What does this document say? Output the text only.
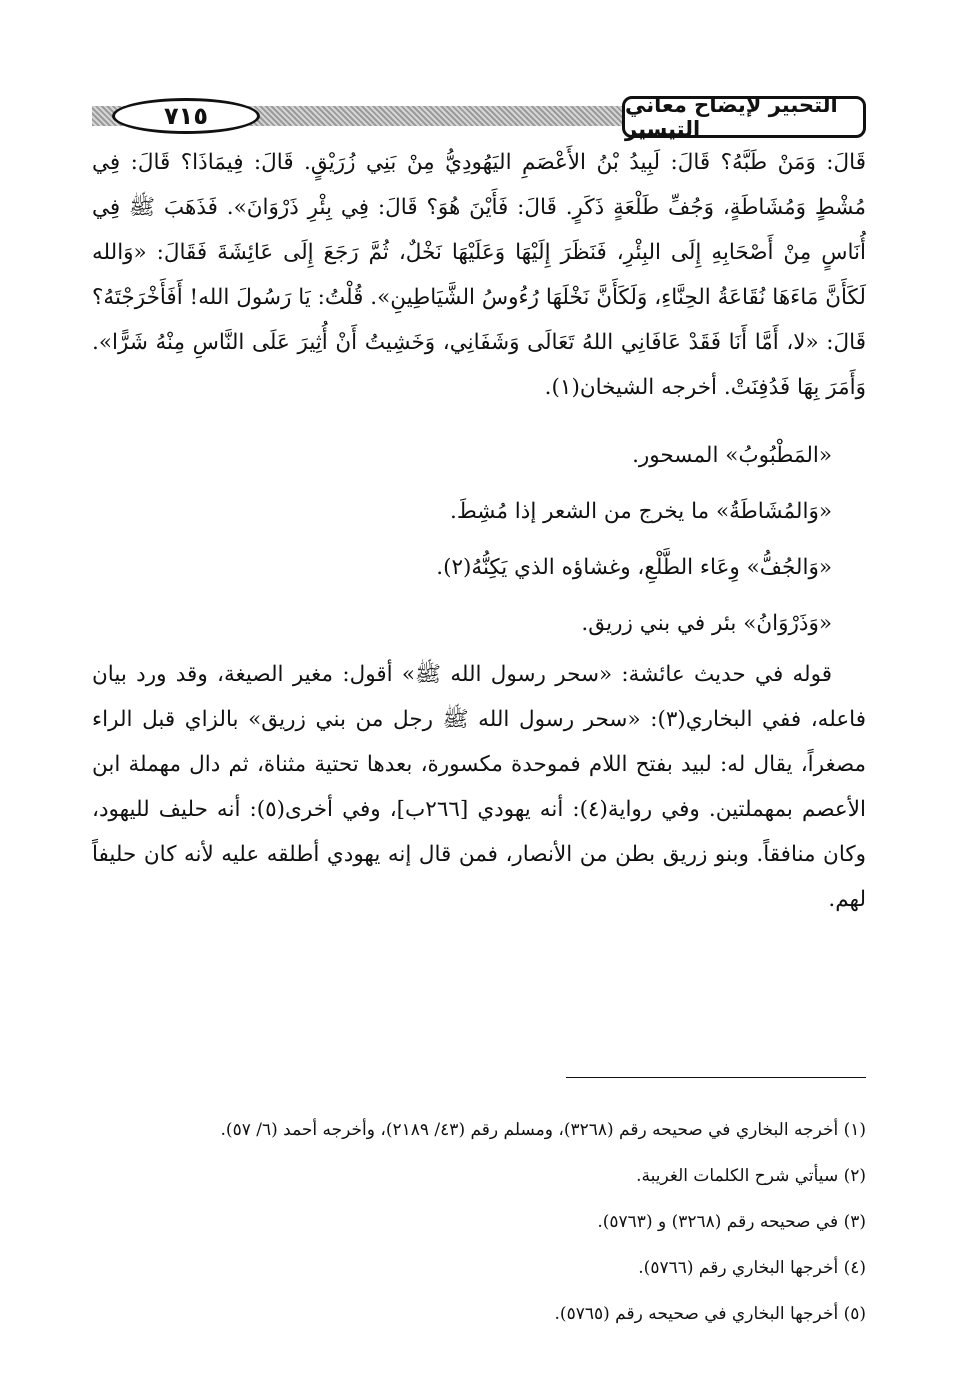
٧١٥	التحبير لإيضاح معاني التيسير

قَالَ: وَمَنْ طَبَّهُ؟ قَالَ: لَبِيدُ بْنُ الأَعْصَمِ اليَهُودِيُّ مِنْ بَنِي زُرَيْقٍ. قَالَ: فِيمَاذَا؟ قَالَ: فِي مُشْطٍ وَمُشَاطَةٍ، وَجُفِّ طَلْعَةٍ ذَكَرٍ. قَالَ: فَأَيْنَ هُوَ؟ قَالَ: فِي بِئْرِ ذَرْوَانَ». فَذَهَبَ ﷺ فِي أُنَاسٍ مِنْ أَصْحَابِهِ إِلَى البِئْرِ، فَنَظَرَ إِلَيْهَا وَعَلَيْهَا نَخْلٌ، ثُمَّ رَجَعَ إِلَى عَائِشَةَ فَقَالَ: «وَالله لَكَأَنَّ مَاءَهَا نُقَاعَةُ الحِنَّاءِ، وَلَكَأَنَّ نَخْلَهَا رُءُوسُ الشَّيَاطِينِ». قُلْتُ: يَا رَسُولَ الله! أَفَأَخْرَجْتَهُ؟ قَالَ: «لا، أَمَّا أَنَا فَقَدْ عَافَانِي اللهُ تَعَالَى وَشَفَانِي، وَخَشِيتُ أَنْ أُثِيرَ عَلَى النَّاسِ مِنْهُ شَرًّا». وَأَمَرَ بِهَا فَدُفِنَتْ. أخرجه الشيخان(١).

«المَطْبُوبُ» المسحور.

«وَالمُشَاطَةُ» ما يخرج من الشعر إذا مُشِطَ.

«وَالجُفُّ» وِعَاء الطَّلْعِ، وغشاؤه الذي يَكِنُّهُ(٢).

«وَذَرْوَانُ» بئر في بني زريق.

قوله في حديث عائشة: «سحر رسول الله ﷺ» أقول: مغير الصيغة، وقد ورد بيان فاعله، ففي البخاري(٣): «سحر رسول الله ﷺ رجل من بني زريق» بالزاي قبل الراء مصغراً، يقال له: لبيد بفتح اللام فموحدة مكسورة، بعدها تحتية مثناة، ثم دال مهملة ابن الأعصم بمهملتين. وفي رواية(٤): أنه يهودي [٢٦٦ب]، وفي أخرى(٥): أنه حليف لليهود، وكان منافقاً. وبنو زريق بطن من الأنصار، فمن قال إنه يهودي أطلقه عليه لأنه كان حليفاً لهم.

(١) أخرجه البخاري في صحيحه رقم (٣٢٦٨)، ومسلم رقم (٤٣/ ٢١٨٩)، وأخرجه أحمد (٦/ ٥٧).

(٢) سيأتي شرح الكلمات الغريبة.

(٣) في صحيحه رقم (٣٢٦٨) و (٥٧٦٣).

(٤) أخرجها البخاري رقم (٥٧٦٦).

(٥) أخرجها البخاري في صحيحه رقم (٥٧٦٥).
